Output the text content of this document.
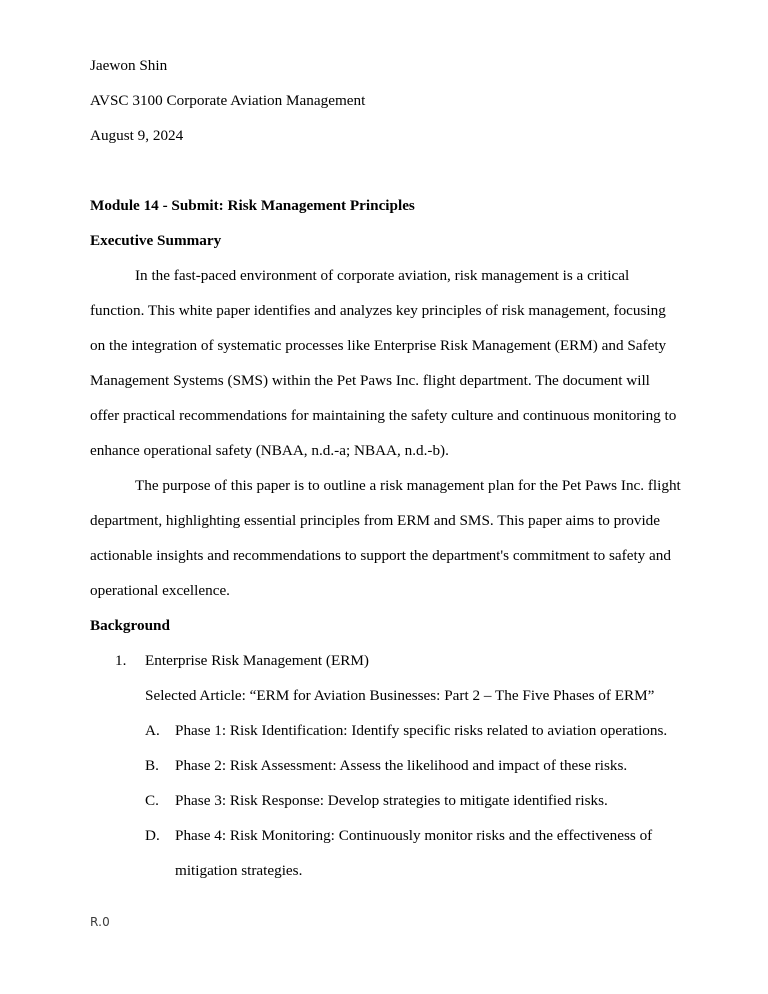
Jaewon Shin
AVSC 3100 Corporate Aviation Management
August 9, 2024
Module 14 - Submit: Risk Management Principles
Executive Summary

In the fast-paced environment of corporate aviation, risk management is a critical function. This white paper identifies and analyzes key principles of risk management, focusing on the integration of systematic processes like Enterprise Risk Management (ERM) and Safety Management Systems (SMS) within the Pet Paws Inc. flight department. The document will offer practical recommendations for maintaining the safety culture and continuous monitoring to enhance operational safety (NBAA, n.d.-a; NBAA, n.d.-b).

The purpose of this paper is to outline a risk management plan for the Pet Paws Inc. flight department, highlighting essential principles from ERM and SMS. This paper aims to provide actionable insights and recommendations to support the department's commitment to safety and operational excellence.

Background
1.	Enterprise Risk Management (ERM)
Selected Article: “ERM for Aviation Businesses: Part 2 – The Five Phases of ERM”
A.	Phase 1: Risk Identification: Identify specific risks related to aviation operations.
B.	Phase 2: Risk Assessment: Assess the likelihood and impact of these risks.
C.	Phase 3: Risk Response: Develop strategies to mitigate identified risks.
D.	Phase 4: Risk Monitoring: Continuously monitor risks and the effectiveness of mitigation strategies.
R.0
